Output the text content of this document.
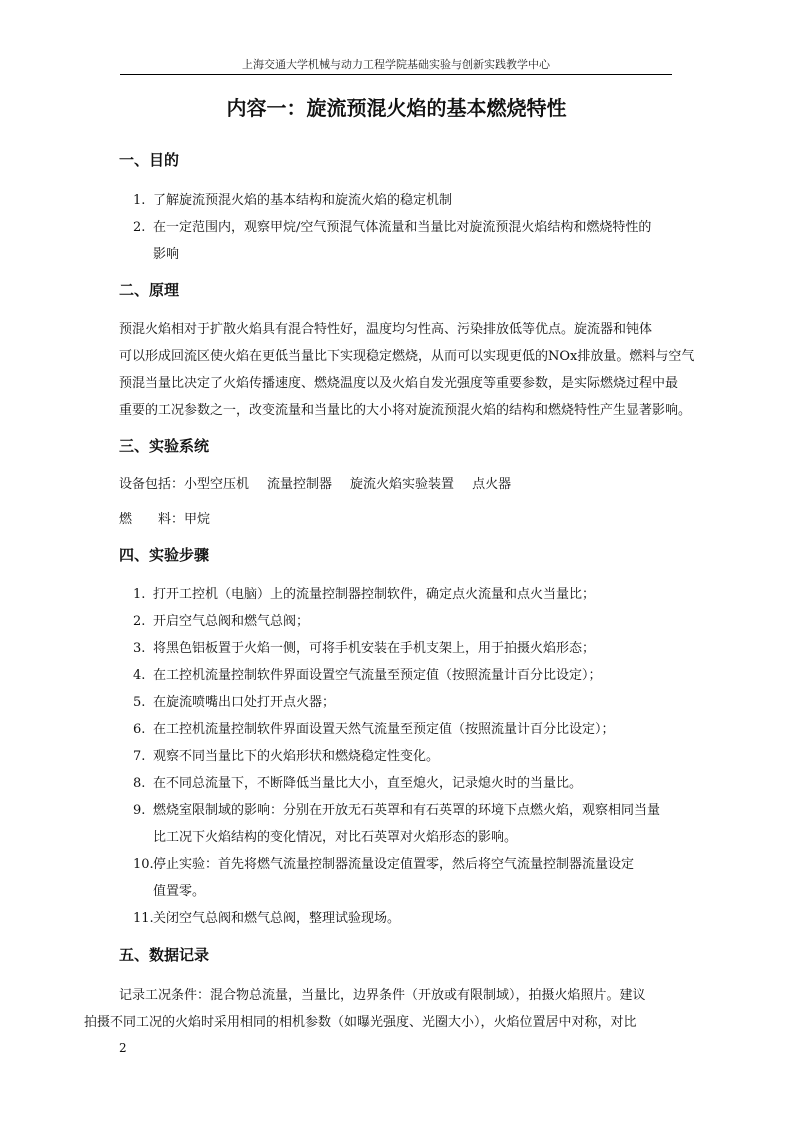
上海交通大学机械与动力工程学院基础实验与创新实践教学中心
内容一：旋流预混火焰的基本燃烧特性
一、目的
1. 了解旋流预混火焰的基本结构和旋流火焰的稳定机制
2. 在一定范围内，观察甲烷/空气预混气体流量和当量比对旋流预混火焰结构和燃烧特性的
影响
二、原理
预混火焰相对于扩散火焰具有混合特性好，温度均匀性高、污染排放低等优点。旋流器和钝体
可以形成回流区使火焰在更低当量比下实现稳定燃烧，从而可以实现更低的NOx排放量。燃料与空气
预混当量比决定了火焰传播速度、燃烧温度以及火焰自发光强度等重要参数，是实际燃烧过程中最
重要的工况参数之一，改变流量和当量比的大小将对旋流预混火焰的结构和燃烧特性产生显著影响。
三、实验系统
设备包括：小型空压机 流量控制器 旋流火焰实验装置 点火器
燃　　料：甲烷
四、实验步骤
1. 打开工控机（电脑）上的流量控制器控制软件，确定点火流量和点火当量比；
2. 开启空气总阀和燃气总阀；
3. 将黑色铝板置于火焰一侧，可将手机安装在手机支架上，用于拍摄火焰形态；
4. 在工控机流量控制软件界面设置空气流量至预定值（按照流量计百分比设定）；
5. 在旋流喷嘴出口处打开点火器；
6. 在工控机流量控制软件界面设置天然气流量至预定值（按照流量计百分比设定）；
7. 观察不同当量比下的火焰形状和燃烧稳定性变化。
8. 在不同总流量下，不断降低当量比大小，直至熄火，记录熄火时的当量比。
9. 燃烧室限制域的影响：分别在开放无石英罩和有石英罩的环境下点燃火焰，观察相同当量
比工况下火焰结构的变化情况，对比石英罩对火焰形态的影响。
10.停止实验：首先将燃气流量控制器流量设定值置零，然后将空气流量控制器流量设定
值置零。
11.关闭空气总阀和燃气总阀，整理试验现场。
五、数据记录
记录工况条件：混合物总流量，当量比，边界条件（开放或有限制域），拍摄火焰照片。建议
拍摄不同工况的火焰时采用相同的相机参数（如曝光强度、光圈大小），火焰位置居中对称，对比
2
